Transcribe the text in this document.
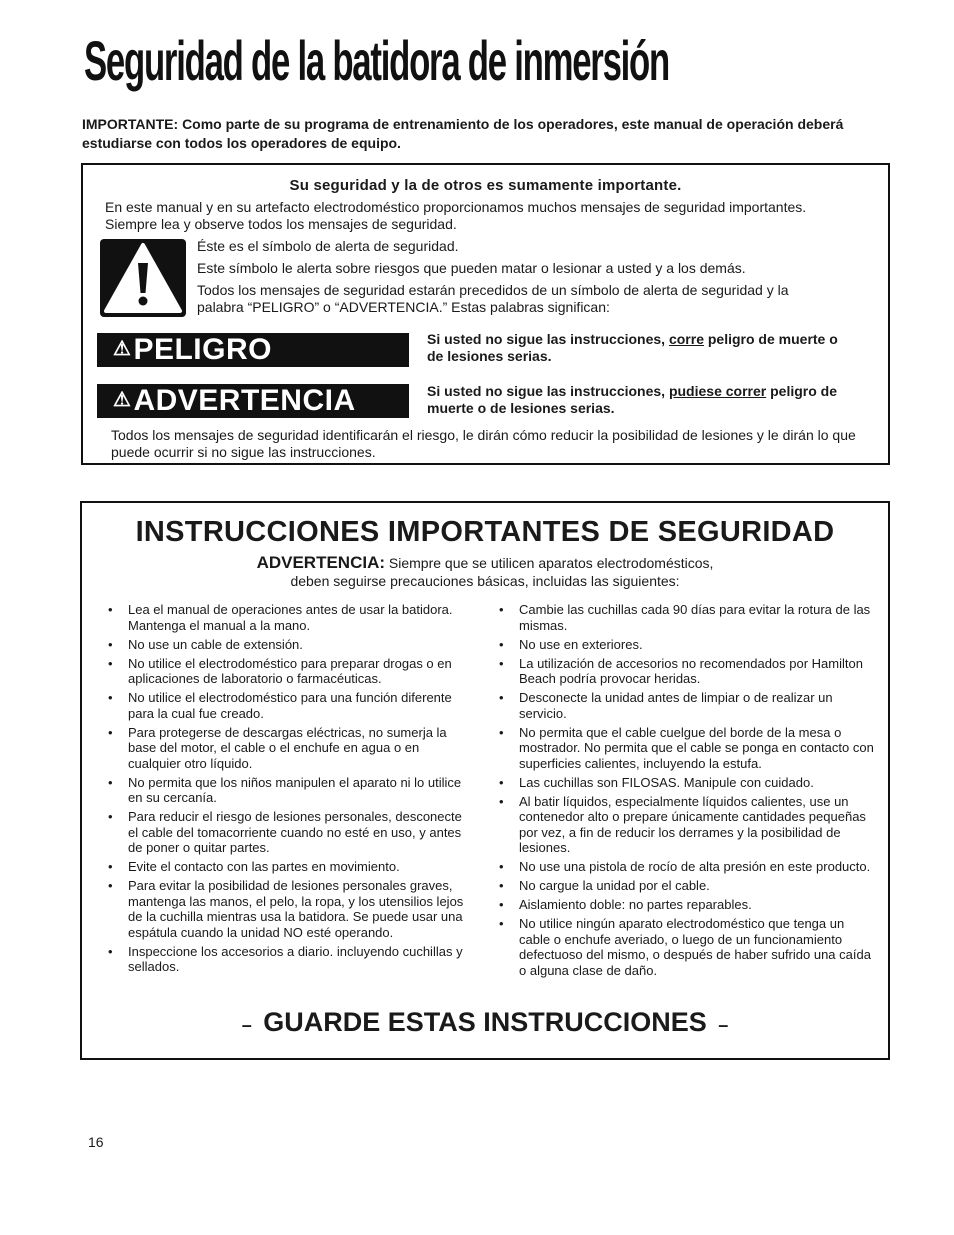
Seguridad de la batidora de inmersión
IMPORTANTE: Como parte de su programa de entrenamiento de los operadores, este manual de operación deberá estudiarse con todos los operadores de equipo.
Su seguridad y la de otros es sumamente importante.
En este manual y en su artefacto electrodoméstico proporcionamos muchos mensajes de seguridad importantes. Siempre lea y observe todos los mensajes de seguridad.
Éste es el símbolo de alerta de seguridad.
Este símbolo le alerta sobre riesgos que pueden matar o lesionar a usted y a los demás.
Todos los mensajes de seguridad estarán precedidos de un símbolo de alerta de seguridad y la palabra “PELIGRO” o “ADVERTENCIA.” Estas palabras significan:
⚠ PELIGRO	Si usted no sigue las instrucciones, corre peligro de muerte o de lesiones serias.
⚠ ADVERTENCIA	Si usted no sigue las instrucciones, pudiese correr peligro de muerte o de lesiones serias.
Todos los mensajes de seguridad identificarán el riesgo, le dirán cómo reducir la posibilidad de lesiones y le dirán lo que puede ocurrir si no sigue las instrucciones.
INSTRUCCIONES IMPORTANTES DE SEGURIDAD
ADVERTENCIA: Siempre que se utilicen aparatos electrodomésticos,
deben seguirse precauciones básicas, incluidas las siguientes:
• Lea el manual de operaciones antes de usar la batidora. Mantenga el manual a la mano.
• No use un cable de extensión.
• No utilice el electrodoméstico para preparar drogas o en aplicaciones de laboratorio o farmacéuticas.
• No utilice el electrodoméstico para una función diferente para la cual fue creado.
• Para protegerse de descargas eléctricas, no sumerja la base del motor, el cable o el enchufe en agua o en cualquier otro líquido.
• No permita que los niños manipulen el aparato ni lo utilice en su cercanía.
• Para reducir el riesgo de lesiones personales, desconecte el cable del tomacorriente cuando no esté en uso, y antes de poner o quitar partes.
• Evite el contacto con las partes en movimiento.
• Para evitar la posibilidad de lesiones personales graves, mantenga las manos, el pelo, la ropa, y los utensilios lejos de la cuchilla mientras usa la batidora. Se puede usar una espátula cuando la unidad NO esté operando.
• Inspeccione los accesorios a diario. incluyendo cuchillas y sellados.
• Cambie las cuchillas cada 90 días para evitar la rotura de las mismas.
• No use en exteriores.
• La utilización de accesorios no recomendados por Hamilton Beach podría provocar heridas.
• Desconecte la unidad antes de limpiar o de realizar un servicio.
• No permita que el cable cuelgue del borde de la mesa o mostrador. No permita que el cable se ponga en contacto con superficies calientes, incluyendo la estufa.
• Las cuchillas son FILOSAS. Manipule con cuidado.
• Al batir líquidos, especialmente líquidos calientes, use un contenedor alto o prepare únicamente cantidades pequeñas por vez, a fin de reducir los derrames y la posibilidad de lesiones.
• No use una pistola de rocío de alta presión en este producto.
• No cargue la unidad por el cable.
• Aislamiento doble: no partes reparables.
• No utilice ningún aparato electrodoméstico que tenga un cable o enchufe averiado, o luego de un funcionamiento defectuoso del mismo, o después de haber sufrido una caída o alguna clase de daño.
– GUARDE ESTAS INSTRUCCIONES –
16
